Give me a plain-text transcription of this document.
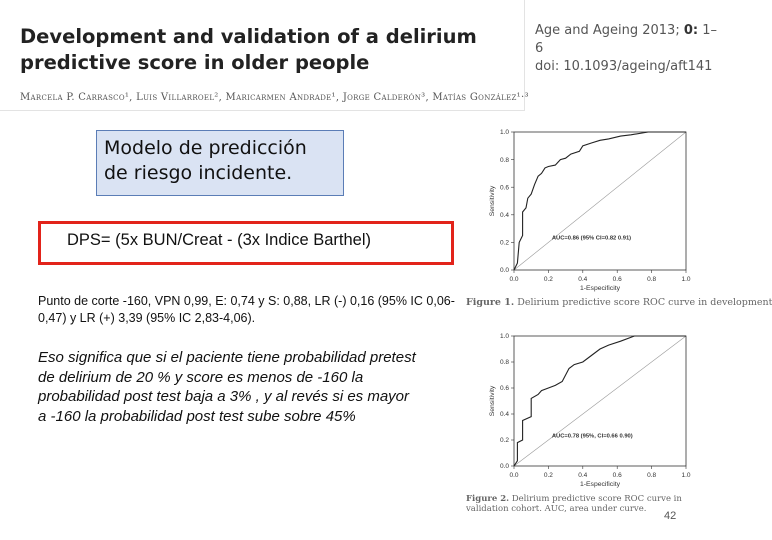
Development and validation of a delirium
predictive score in older people
Marcela P. Carrasco¹, Luis Villarroel², Maricarmen Andrade¹, Jorge Calderón³, Matías González¹·³
Age and Ageing 2013; 0: 1–6
doi: 10.1093/ageing/aft141
Modelo de predicción
de riesgo incidente.
DPS= (5x BUN/Creat - (3x Indice Barthel)
Punto de corte -160, VPN 0,99, E: 0,74 y S: 0,88, LR (-) 0,16 (95% IC 0,06-0,47) y LR (+) 3,39 (95% IC 2,83-4,06).
Eso significa que si el paciente tiene probabilidad pretest de delirium de 20 % y score es menos de -160 la probabilidad post test baja a 3% , y al revés si es mayor a -160 la probabilidad post test sube sobre 45%
0.0
0.0
0.2
0.2
0.4
0.4
0.6
0.6
0.8
0.8
1.0
1.0
AUC=0.86 (95% CI=0.82 0.91)
1-Especificity
Sensitivity
Figure 1. Delirium predictive score ROC curve in development
0.0
0.0
0.2
0.2
0.4
0.4
0.6
0.6
0.8
0.8
1.0
1.0
AUC=0.78 (95%, CI=0.66 0.90)
1-Especificity
Sensitivity
Figure 2. Delirium predictive score ROC curve in validation cohort. AUC, area under curve.
42
